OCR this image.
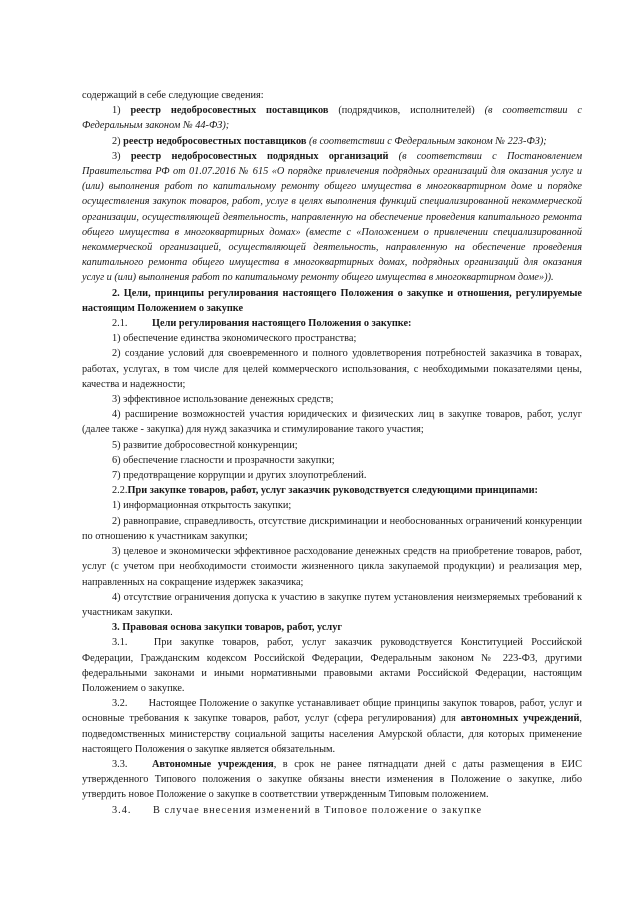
содержащий в себе следующие сведения:

1) реестр недобросовестных поставщиков (подрядчиков, исполнителей) (в соответствии с Федеральным законом № 44-ФЗ);

2) реестр недобросовестных поставщиков (в соответствии с Федеральным законом № 223-ФЗ);

3) реестр недобросовестных подрядных организаций (в соответствии с Постановлением Правительства РФ от 01.07.2016 № 615 «О порядке привлечения подрядных организаций для оказания услуг и (или) выполнения работ по капитальному ремонту общего имущества в многоквартирном доме и порядке осуществления закупок товаров, работ, услуг в целях выполнения функций специализированной некоммерческой организации, осуществляющей деятельность, направленную на обеспечение проведения капитального ремонта общего имущества в многоквартирных домах» (вместе с «Положением о привлечении специализированной некоммерческой организацией, осуществляющей деятельность, направленную на обеспечение проведения капитального ремонта общего имущества в многоквартирных домах, подрядных организаций для оказания услуг и (или) выполнения работ по капитальному ремонту общего имущества в многоквартирном доме»)).

2. Цели, принципы регулирования настоящего Положения о закупке и отношения, регулируемые настоящим Положением о закупке

2.1. Цели регулирования настоящего Положения о закупке:

1) обеспечение единства экономического пространства;

2) создание условий для своевременного и полного удовлетворения потребностей заказчика в товарах, работах, услугах, в том числе для целей коммерческого использования, с необходимыми показателями цены, качества и надежности;

3) эффективное использование денежных средств;

4) расширение возможностей участия юридических и физических лиц в закупке товаров, работ, услуг (далее также - закупка) для нужд заказчика и стимулирование такого участия;

5) развитие добросовестной конкуренции;

6) обеспечение гласности и прозрачности закупки;

7) предотвращение коррупции и других злоупотреблений.

2.2.При закупке товаров, работ, услуг заказчик руководствуется следующими принципами:

1) информационная открытость закупки;

2) равноправие, справедливость, отсутствие дискриминации и необоснованных ограничений конкуренции по отношению к участникам закупки;

3) целевое и экономически эффективное расходование денежных средств на приобретение товаров, работ, услуг (с учетом при необходимости стоимости жизненного цикла закупаемой продукции) и реализация мер, направленных на сокращение издержек заказчика;

4) отсутствие ограничения допуска к участию в закупке путем установления неизмеряемых требований к участникам закупки.

3. Правовая основа закупки товаров, работ, услуг

3.1.	При закупке товаров, работ, услуг заказчик руководствуется Конституцией Российской Федерации, Гражданским кодексом Российской Федерации, Федеральным законом № 223-ФЗ, другими федеральными законами и иными нормативными правовыми актами Российской Федерации, настоящим Положением о закупке.

3.2. Настоящее Положение о закупке устанавливает общие принципы закупок товаров, работ, услуг и основные требования к закупке товаров, работ, услуг (сфера регулирования) для автономных учреждений, подведомственных министерству социальной защиты населения Амурской области, для которых применение настоящего Положения о закупке является обязательным.

3.3. Автономные учреждения, в срок не ранее пятнадцати дней с даты размещения в ЕИС утвержденного Типового положения о закупке обязаны внести изменения в Положение о закупке, либо утвердить новое Положение о закупке в соответствии утвержденным Типовым положением.

3.4. В случае внесения изменений в Типовое положение о закупке
